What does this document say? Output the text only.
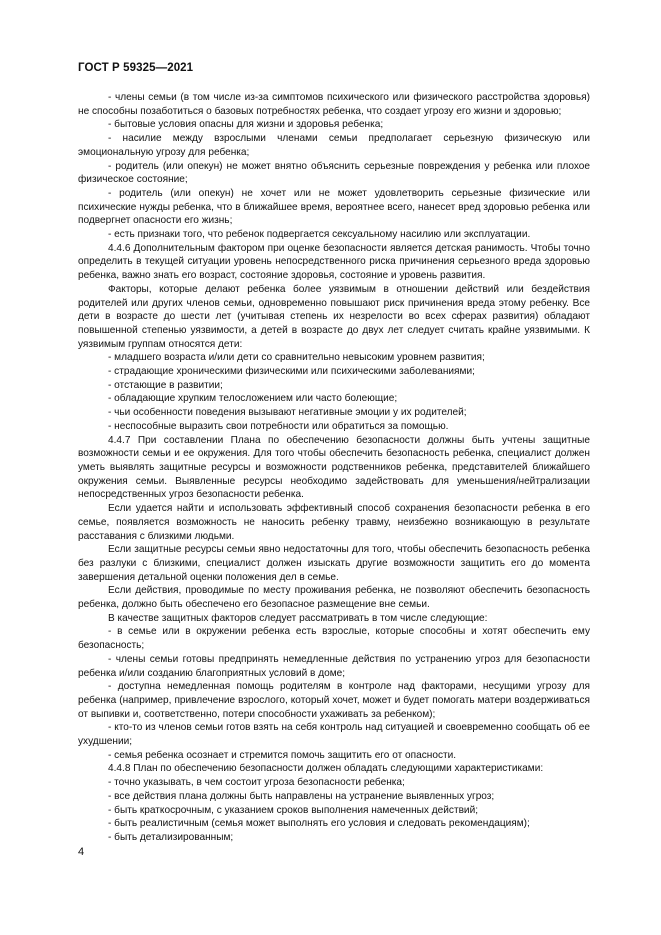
ГОСТ Р 59325—2021

- члены семьи (в том числе из-за симптомов психического или физического расстройства здоровья) не способны позаботиться о базовых потребностях ребенка, что создает угрозу его жизни и здоровью;

- бытовые условия опасны для жизни и здоровья ребенка;

- насилие между взрослыми членами семьи предполагает серьезную физическую или эмоциональную угрозу для ребенка;

- родитель (или опекун) не может внятно объяснить серьезные повреждения у ребенка или плохое физическое состояние;

- родитель (или опекун) не хочет или не может удовлетворить серьезные физические или психические нужды ребенка, что в ближайшее время, вероятнее всего, нанесет вред здоровью ребенка или подвергнет опасности его жизнь;

- есть признаки того, что ребенок подвергается сексуальному насилию или эксплуатации.

4.4.6 Дополнительным фактором при оценке безопасности является детская ранимость. Чтобы точно определить в текущей ситуации уровень непосредственного риска причинения серьезного вреда здоровью ребенка, важно знать его возраст, состояние здоровья, состояние и уровень развития.

Факторы, которые делают ребенка более уязвимым в отношении действий или бездействия родителей или других членов семьи, одновременно повышают риск причинения вреда этому ребенку. Все дети в возрасте до шести лет (учитывая степень их незрелости во всех сферах развития) обладают повышенной степенью уязвимости, а детей в возрасте до двух лет следует считать крайне уязвимыми. К уязвимым группам относятся дети:

- младшего возраста и/или дети со сравнительно невысоким уровнем развития;

- страдающие хроническими физическими или психическими заболеваниями;

- отстающие в развитии;

- обладающие хрупким телосложением или часто болеющие;

- чьи особенности поведения вызывают негативные эмоции у их родителей;

- неспособные выразить свои потребности или обратиться за помощью.

4.4.7 При составлении Плана по обеспечению безопасности должны быть учтены защитные возможности семьи и ее окружения. Для того чтобы обеспечить безопасность ребенка, специалист должен уметь выявлять защитные ресурсы и возможности родственников ребенка, представителей ближайшего окружения семьи. Выявленные ресурсы необходимо задействовать для уменьшения/нейтрализации непосредственных угроз безопасности ребенка.

Если удается найти и использовать эффективный способ сохранения безопасности ребенка в его семье, появляется возможность не наносить ребенку травму, неизбежно возникающую в результате расставания с близкими людьми.

Если защитные ресурсы семьи явно недостаточны для того, чтобы обеспечить безопасность ребенка без разлуки с близкими, специалист должен изыскать другие возможности защитить его до момента завершения детальной оценки положения дел в семье.

Если действия, проводимые по месту проживания ребенка, не позволяют обеспечить безопасность ребенка, должно быть обеспечено его безопасное размещение вне семьи.

В качестве защитных факторов следует рассматривать в том числе следующие:

- в семье или в окружении ребенка есть взрослые, которые способны и хотят обеспечить ему безопасность;

- члены семьи готовы предпринять немедленные действия по устранению угроз для безопасности ребенка и/или созданию благоприятных условий в доме;

- доступна немедленная помощь родителям в контроле над факторами, несущими угрозу для ребенка (например, привлечение взрослого, который хочет, может и будет помогать матери воздерживаться от выпивки и, соответственно, потери способности ухаживать за ребенком);

- кто-то из членов семьи готов взять на себя контроль над ситуацией и своевременно сообщать об ее ухудшении;

- семья ребенка осознает и стремится помочь защитить его от опасности.

4.4.8 План по обеспечению безопасности должен обладать следующими характеристиками:

- точно указывать, в чем состоит угроза безопасности ребенка;

- все действия плана должны быть направлены на устранение выявленных угроз;

- быть краткосрочным, с указанием сроков выполнения намеченных действий;

- быть реалистичным (семья может выполнять его условия и следовать рекомендациям);

- быть детализированным;

4
